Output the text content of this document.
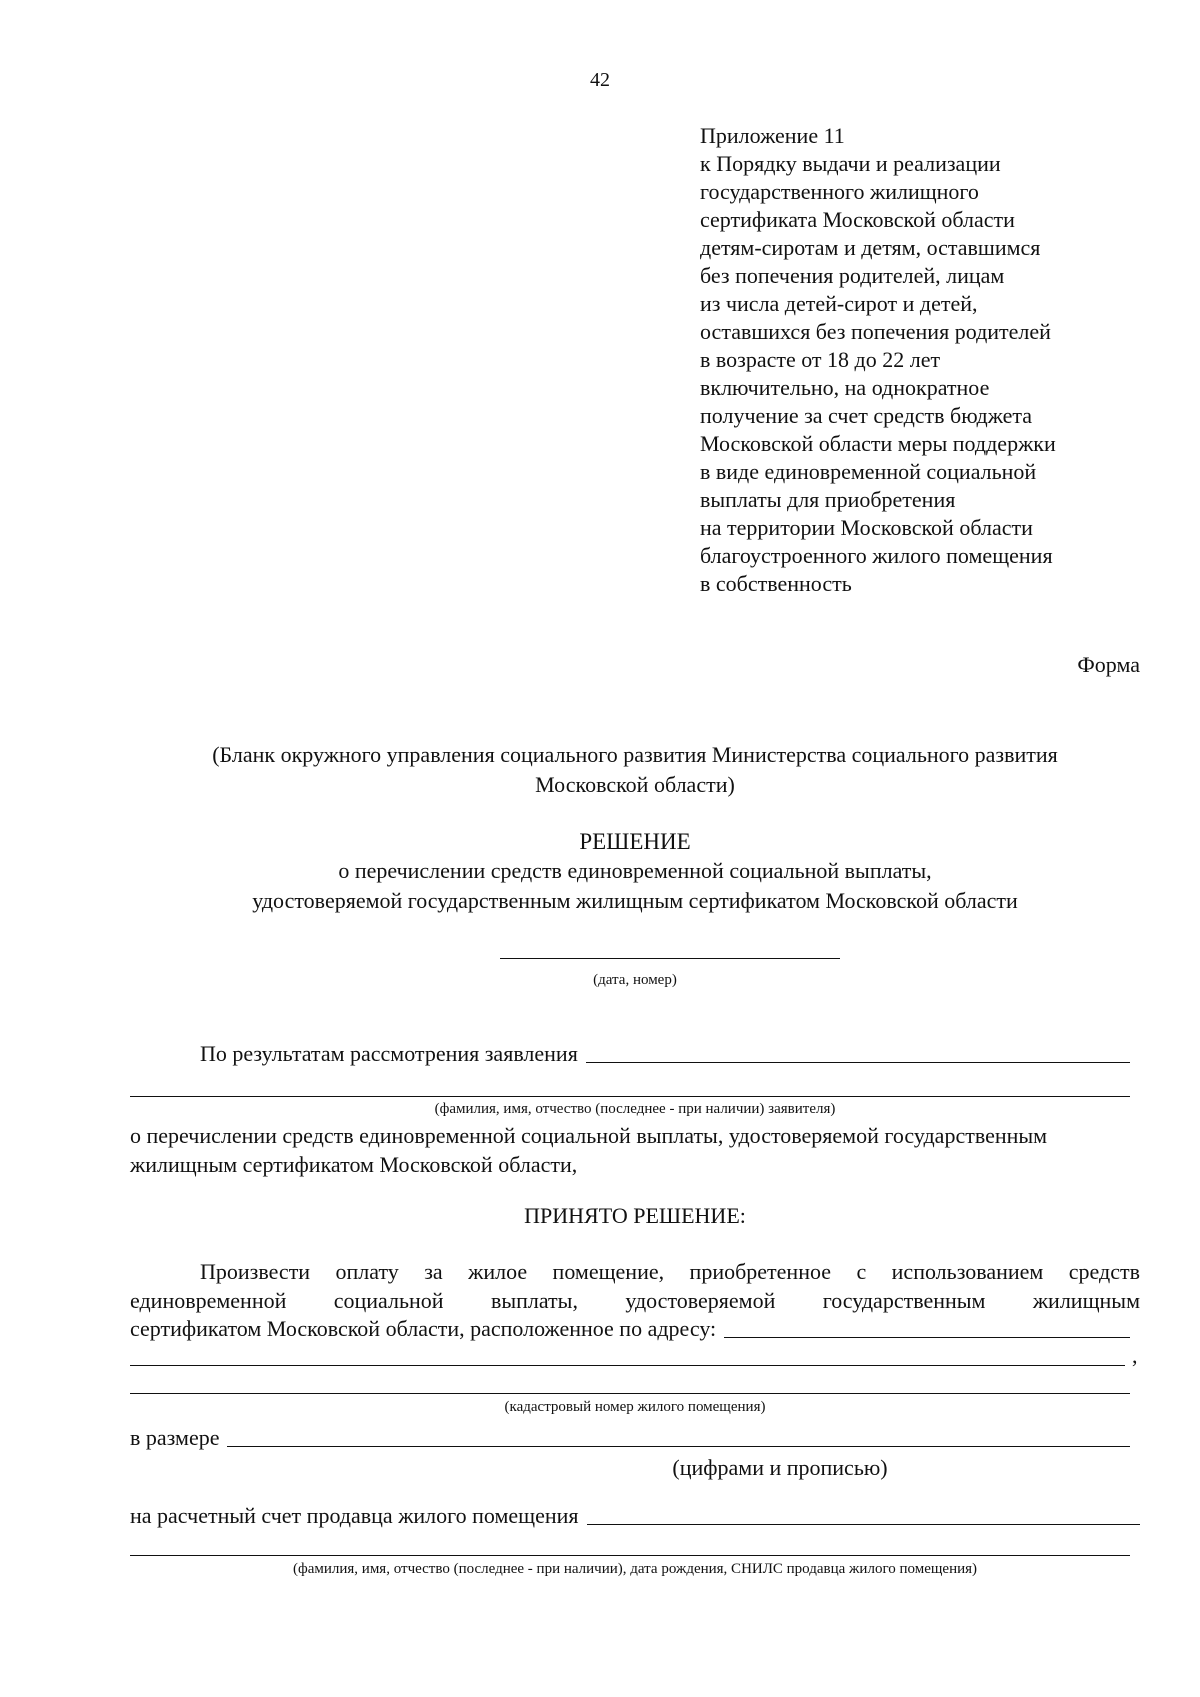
42
Приложение 11
к Порядку выдачи и реализации
государственного жилищного
сертификата Московской области
детям-сиротам и детям, оставшимся
без попечения родителей, лицам
из числа детей-сирот и детей,
оставшихся без попечения родителей
в возрасте от 18 до 22 лет
включительно, на однократное
получение за счет средств бюджета
Московской области меры поддержки
в виде единовременной социальной
выплаты для приобретения
на территории Московской области
благоустроенного жилого помещения
в собственность
Форма
(Бланк окружного управления социального развития Министерства социального развития
Московской области)
РЕШЕНИЕ
о перечислении средств единовременной социальной выплаты,
удостоверяемой государственным жилищным сертификатом Московской области
(дата, номер)
По результатам рассмотрения заявления
(фамилия, имя, отчество (последнее - при наличии) заявителя)
о перечислении средств единовременной социальной выплаты, удостоверяемой государственным
жилищным сертификатом Московской области,
ПРИНЯТО РЕШЕНИЕ:
Произвести оплату за жилое помещение, приобретенное с использованием средств
единовременной социальной выплаты, удостоверяемой государственным жилищным
сертификатом Московской области, расположенное по адресу:
,
(кадастровый номер жилого помещения)
в размере
(цифрами и прописью)
на расчетный счет продавца жилого помещения
(фамилия, имя, отчество (последнее - при наличии), дата рождения, СНИЛС продавца жилого помещения)
